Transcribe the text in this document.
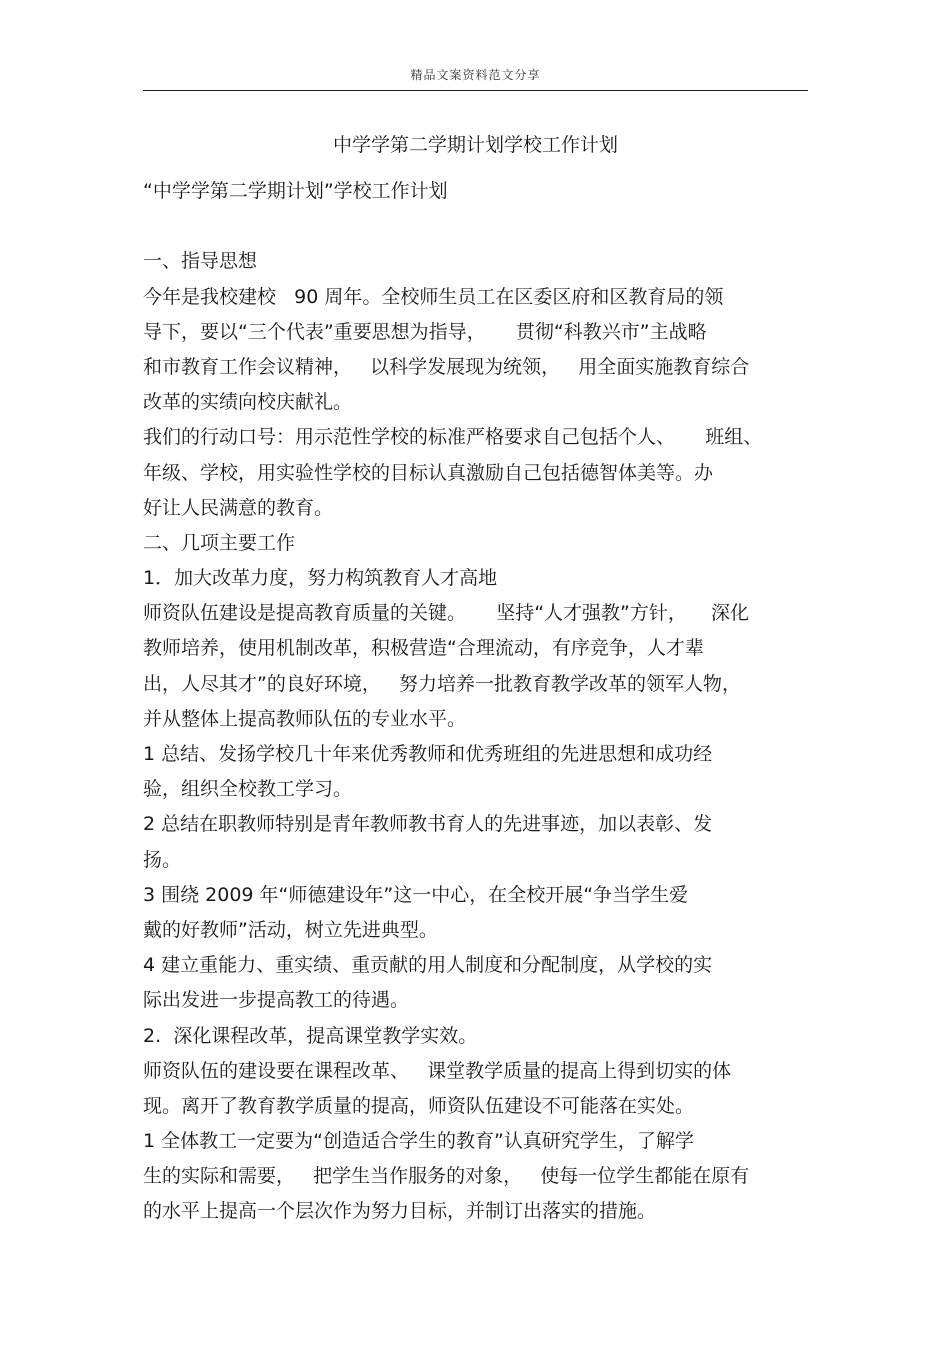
精品文案资料范文分享
中学学第二学期计划学校工作计划
“中学学第二学期计划”学校工作计划
一、指导思想
今年是我校建校   90 周年。全校师生员工在区委区府和区教育局的领
导下，要以“三个代表”重要思想为指导，     贯彻“科教兴市”主战略
和市教育工作会议精神，   以科学发展现为统领，   用全面实施教育综合
改革的实绩向校庆献礼。
我们的行动口号：用示范性学校的标准严格要求自己包括个人、     班组、
年级、学校，用实验性学校的目标认真激励自己包括德智体美等。办
好让人民满意的教育。
二、几项主要工作
1．加大改革力度，努力构筑教育人才高地
师资队伍建设是提高教育质量的关键。     坚持“人才强教”方针，    深化
教师培养，使用机制改革，积极营造“合理流动，有序竞争，人才辈
出，人尽其才”的良好环境，   努力培养一批教育教学改革的领军人物，
并从整体上提高教师队伍的专业水平。
1 总结、发扬学校几十年来优秀教师和优秀班组的先进思想和成功经
验，组织全校教工学习。
2 总结在职教师特别是青年教师教书育人的先进事迹，加以表彰、发
扬。
3 围绕 2009 年“师德建设年”这一中心，在全校开展“争当学生爱
戴的好教师”活动，树立先进典型。
4 建立重能力、重实绩、重贡献的用人制度和分配制度，从学校的实
际出发进一步提高教工的待遇。
2.  深化课程改革，提高课堂教学实效。
师资队伍的建设要在课程改革、   课堂教学质量的提高上得到切实的体
现。离开了教育教学质量的提高，师资队伍建设不可能落在实处。
1 全体教工一定要为“创造适合学生的教育”认真研究学生，了解学
生的实际和需要，   把学生当作服务的对象，   使每一位学生都能在原有
的水平上提高一个层次作为努力目标，并制订出落实的措施。
